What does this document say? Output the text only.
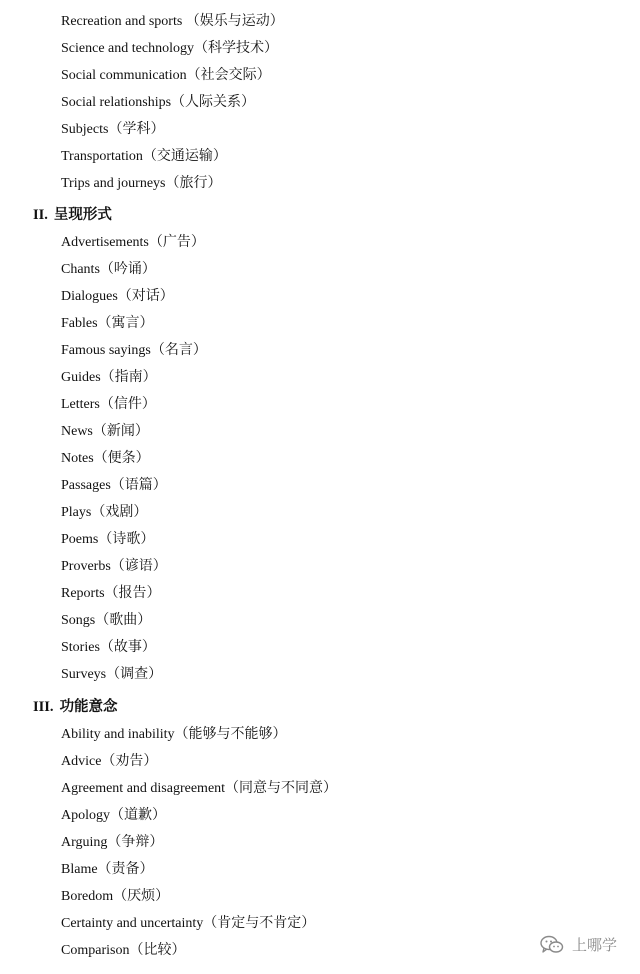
Recreation and sports （娱乐与运动）
Science and technology（科学技术）
Social communication（社会交际）
Social relationships（人际关系）
Subjects（学科）
Transportation（交通运输）
Trips and journeys（旅行）
II. 呈现形式
Advertisements（广告）
Chants（吟诵）
Dialogues（对话）
Fables（寓言）
Famous sayings（名言）
Guides（指南）
Letters（信件）
News（新闻）
Notes（便条）
Passages（语篇）
Plays（戏剧）
Poems（诗歌）
Proverbs（谚语）
Reports（报告）
Songs（歌曲）
Stories（故事）
Surveys（调查）
III. 功能意念
Ability and inability（能够与不能够）
Advice（劝告）
Agreement and disagreement（同意与不同意）
Apology（道歉）
Arguing（争辩）
Blame（责备）
Boredom（厌烦）
Certainty and uncertainty（肯定与不肯定）
Comparison（比较）	上哪学
